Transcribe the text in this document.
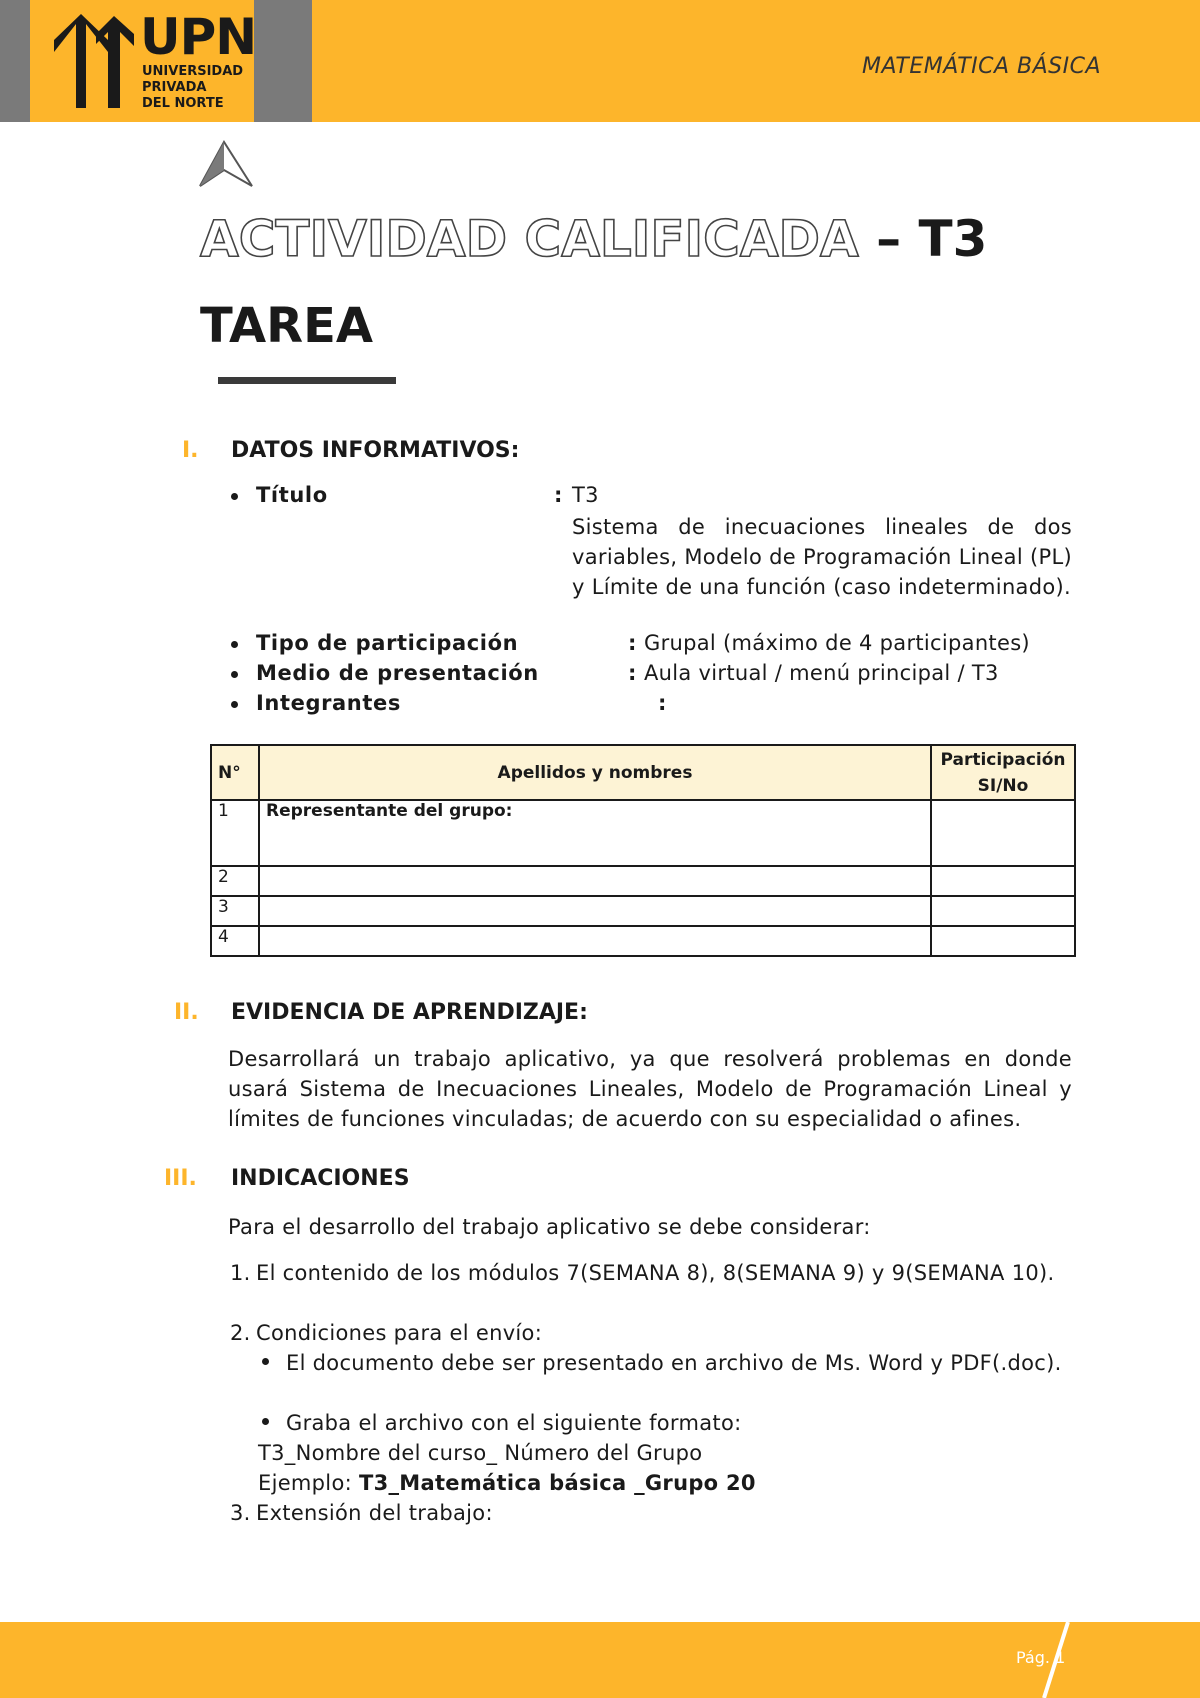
UPN
UNIVERSIDAD
PRIVADA
DEL NORTE
MATEMÁTICA BÁSICA
ACTIVIDAD CALIFICADA – T3
TAREA
I. DATOS INFORMATIVOS:
Título	: T3
Sistema de inecuaciones lineales de dos variables, Modelo de Programación Lineal (PL) y Límite de una función (caso indeterminado).
Tipo de participación	: Grupal (máximo de 4 participantes)
Medio de presentación	: Aula virtual / menú principal / T3
Integrantes	:
N°	Apellidos y nombres	Participación SI/No
1	Representante del grupo:	
2		
3		
4		
II. EVIDENCIA DE APRENDIZAJE:
Desarrollará un trabajo aplicativo, ya que resolverá problemas en donde usará Sistema de Inecuaciones Lineales, Modelo de Programación Lineal y límites de funciones vinculadas; de acuerdo con su especialidad o afines.
III. INDICACIONES
Para el desarrollo del trabajo aplicativo se debe considerar:
1. El contenido de los módulos 7(SEMANA 8), 8(SEMANA 9) y 9(SEMANA 10).
2. Condiciones para el envío:
El documento debe ser presentado en archivo de Ms. Word y PDF(.doc).
Graba el archivo con el siguiente formato:
T3_Nombre del curso_ Número del Grupo
Ejemplo: T3_Matemática básica _Grupo 20
3. Extensión del trabajo:
Pág. 1
